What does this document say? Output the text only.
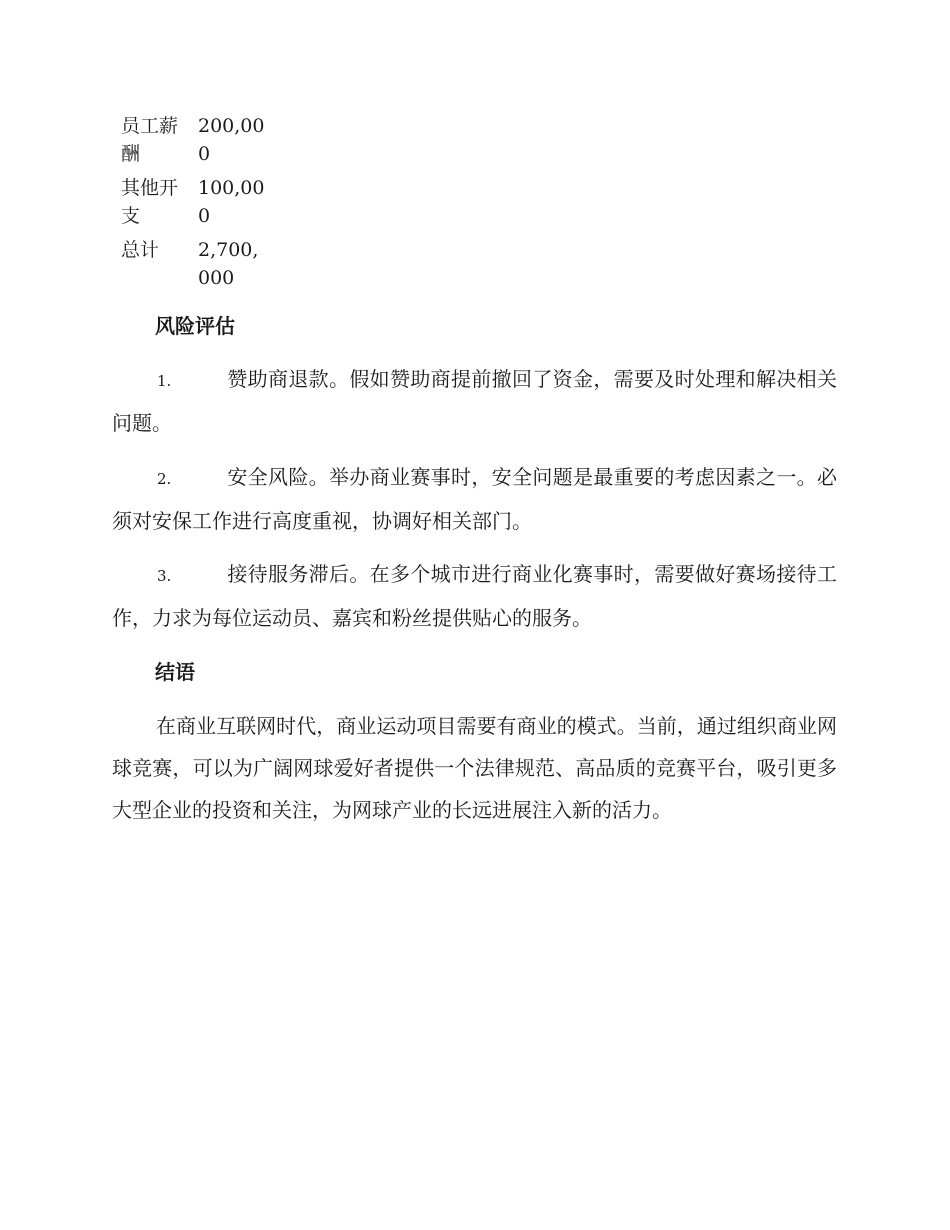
员工薪酬	200,000
其他开支	100,000
总计	2,700,000
风险评估

1.	赞助商退款。假如赞助商提前撤回了资金，需要及时处理和解决相关问题。

2.	安全风险。举办商业赛事时，安全问题是最重要的考虑因素之一。必须对安保工作进行高度重视，协调好相关部门。

3.	接待服务滞后。在多个城市进行商业化赛事时，需要做好赛场接待工作，力求为每位运动员、嘉宾和粉丝提供贴心的服务。

结语

在商业互联网时代，商业运动项目需要有商业的模式。当前，通过组织商业网球竞赛，可以为广阔网球爱好者提供一个法律规范、高品质的竞赛平台，吸引更多大型企业的投资和关注，为网球产业的长远进展注入新的活力。
